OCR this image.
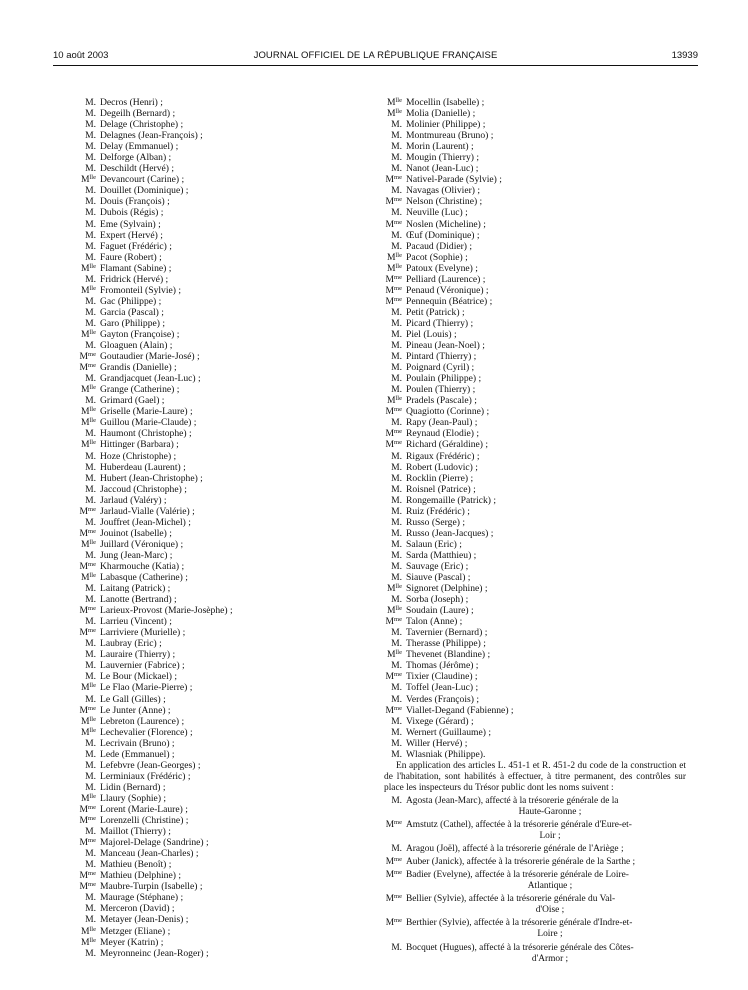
10 août 2003	JOURNAL OFFICIEL DE LA RÉPUBLIQUE FRANÇAISE	13939
M. Decros (Henri) ;
M. Degeilh (Bernard) ;
M. Delage (Christophe) ;
M. Delagnes (Jean-François) ;
M. Delay (Emmanuel) ;
M. Delforge (Alban) ;
M. Deschildt (Hervé) ;
$M^{lle}$ Devancourt (Carine) ;
M. Douillet (Dominique) ;
M. Douis (François) ;
M. Dubois (Régis) ;
M. Eme (Sylvain) ;
M. Expert (Hervé) ;
M. Faguet (Frédéric) ;
M. Faure (Robert) ;
$M^{lle}$ Flamant (Sabine) ;
M. Fridrick (Hervé) ;
$M^{lle}$ Fromonteil (Sylvie) ;
M. Gac (Philippe) ;
M. Garcia (Pascal) ;
M. Garo (Philippe) ;
$M^{lle}$ Gayton (Françoise) ;
M. Gloaguen (Alain) ;
$M^{me}$ Goutaudier (Marie-José) ;
$M^{me}$ Grandis (Danielle) ;
M. Grandjacquet (Jean-Luc) ;
$M^{lle}$ Grange (Catherine) ;
M. Grimard (Gael) ;
$M^{lle}$ Griselle (Marie-Laure) ;
$M^{lle}$ Guillou (Marie-Claude) ;
M. Haumont (Christophe) ;
$M^{lle}$ Hittinger (Barbara) ;
M. Hoze (Christophe) ;
M. Huberdeau (Laurent) ;
M. Hubert (Jean-Christophe) ;
M. Jaccoud (Christophe) ;
M. Jarlaud (Valéry) ;
$M^{me}$ Jarlaud-Vialle (Valérie) ;
M. Jouffret (Jean-Michel) ;
$M^{me}$ Jouinot (Isabelle) ;
$M^{lle}$ Juillard (Véronique) ;
M. Jung (Jean-Marc) ;
$M^{me}$ Kharmouche (Katia) ;
$M^{lle}$ Labasque (Catherine) ;
M. Laitang (Patrick) ;
M. Lanotte (Bertrand) ;
$M^{me}$ Larieux-Provost (Marie-Josèphe) ;
M. Larrieu (Vincent) ;
$M^{me}$ Larriviere (Murielle) ;
M. Laubray (Eric) ;
M. Lauraire (Thierry) ;
M. Lauvernier (Fabrice) ;
M. Le Bour (Mickael) ;
$M^{lle}$ Le Flao (Marie-Pierre) ;
M. Le Gall (Gilles) ;
$M^{me}$ Le Junter (Anne) ;
$M^{lle}$ Lebreton (Laurence) ;
$M^{lle}$ Lechevalier (Florence) ;
M. Lecrivain (Bruno) ;
M. Lede (Emmanuel) ;
M. Lefebvre (Jean-Georges) ;
M. Lerminiaux (Frédéric) ;
M. Lidin (Bernard) ;
$M^{lle}$ Llaury (Sophie) ;
$M^{me}$ Lorent (Marie-Laure) ;
$M^{me}$ Lorenzelli (Christine) ;
M. Maillot (Thierry) ;
$M^{me}$ Majorel-Delage (Sandrine) ;
M. Manceau (Jean-Charles) ;
M. Mathieu (Benoît) ;
$M^{me}$ Mathieu (Delphine) ;
$M^{me}$ Maubre-Turpin (Isabelle) ;
M. Maurage (Stéphane) ;
M. Merceron (David) ;
M. Metayer (Jean-Denis) ;
$M^{lle}$ Metzger (Eliane) ;
$M^{lle}$ Meyer (Katrin) ;
M. Meyronneinc (Jean-Roger) ;
$M^{lle}$ Mocellin (Isabelle) ;
$M^{lle}$ Molia (Danielle) ;
M. Molinier (Philippe) ;
M. Montmureau (Bruno) ;
M. Morin (Laurent) ;
M. Mougin (Thierry) ;
M. Nanot (Jean-Luc) ;
$M^{me}$ Nativel-Parade (Sylvie) ;
M. Navagas (Olivier) ;
$M^{me}$ Nelson (Christine) ;
M. Neuville (Luc) ;
$M^{me}$ Noslen (Micheline) ;
M. Œuf (Dominique) ;
M. Pacaud (Didier) ;
$M^{lle}$ Pacot (Sophie) ;
$M^{lle}$ Patoux (Evelyne) ;
$M^{me}$ Pelliard (Laurence) ;
$M^{me}$ Penaud (Véronique) ;
$M^{me}$ Pennequin (Béatrice) ;
M. Petit (Patrick) ;
M. Picard (Thierry) ;
M. Piel (Louis) ;
M. Pineau (Jean-Noel) ;
M. Pintard (Thierry) ;
M. Poignard (Cyril) ;
M. Poulain (Philippe) ;
M. Poulen (Thierry) ;
$M^{lle}$ Pradels (Pascale) ;
$M^{me}$ Quagiotto (Corinne) ;
M. Rapy (Jean-Paul) ;
$M^{me}$ Reynaud (Elodie) ;
$M^{me}$ Richard (Géraldine) ;
M. Rigaux (Frédéric) ;
M. Robert (Ludovic) ;
M. Rocklin (Pierre) ;
M. Roisnel (Patrice) ;
M. Rongemaille (Patrick) ;
M. Ruiz (Frédéric) ;
M. Russo (Serge) ;
M. Russo (Jean-Jacques) ;
M. Salaun (Eric) ;
M. Sarda (Matthieu) ;
M. Sauvage (Eric) ;
M. Siauve (Pascal) ;
$M^{lle}$ Signoret (Delphine) ;
M. Sorba (Joseph) ;
$M^{lle}$ Soudain (Laure) ;
$M^{me}$ Talon (Anne) ;
M. Tavernier (Bernard) ;
M. Therasse (Philippe) ;
$M^{lle}$ Thevenet (Blandine) ;
M. Thomas (Jérôme) ;
$M^{me}$ Tixier (Claudine) ;
M. Toffel (Jean-Luc) ;
M. Verdes (François) ;
$M^{me}$ Viallet-Degand (Fabienne) ;
M. Vixege (Gérard) ;
M. Wernert (Guillaume) ;
M. Willer (Hervé) ;
M. Wlasniak (Philippe).
En application des articles L. 451-1 et R. 451-2 du code de la construction et de l'habitation, sont habilités à effectuer, à titre permanent, des contrôles sur place les inspecteurs du Trésor public dont les noms suivent :
M. Agosta (Jean-Marc), affecté à la trésorerie générale de la
Haute-Garonne ;
$M^{me}$ Amstutz (Cathel), affectée à la trésorerie générale d'Eure-et-
Loir ;
M. Aragou (Joël), affecté à la trésorerie générale de l'Ariège ;
$M^{me}$ Auber (Janick), affectée à la trésorerie générale de la Sarthe ;
$M^{me}$ Badier (Evelyne), affectée à la trésorerie générale de Loire-
Atlantique ;
$M^{me}$ Bellier (Sylvie), affectée à la trésorerie générale du Val-
d'Oise ;
$M^{me}$ Berthier (Sylvie), affectée à la trésorerie générale d'Indre-et-
Loire ;
M. Bocquet (Hugues), affecté à la trésorerie générale des Côtes-
d'Armor ;
